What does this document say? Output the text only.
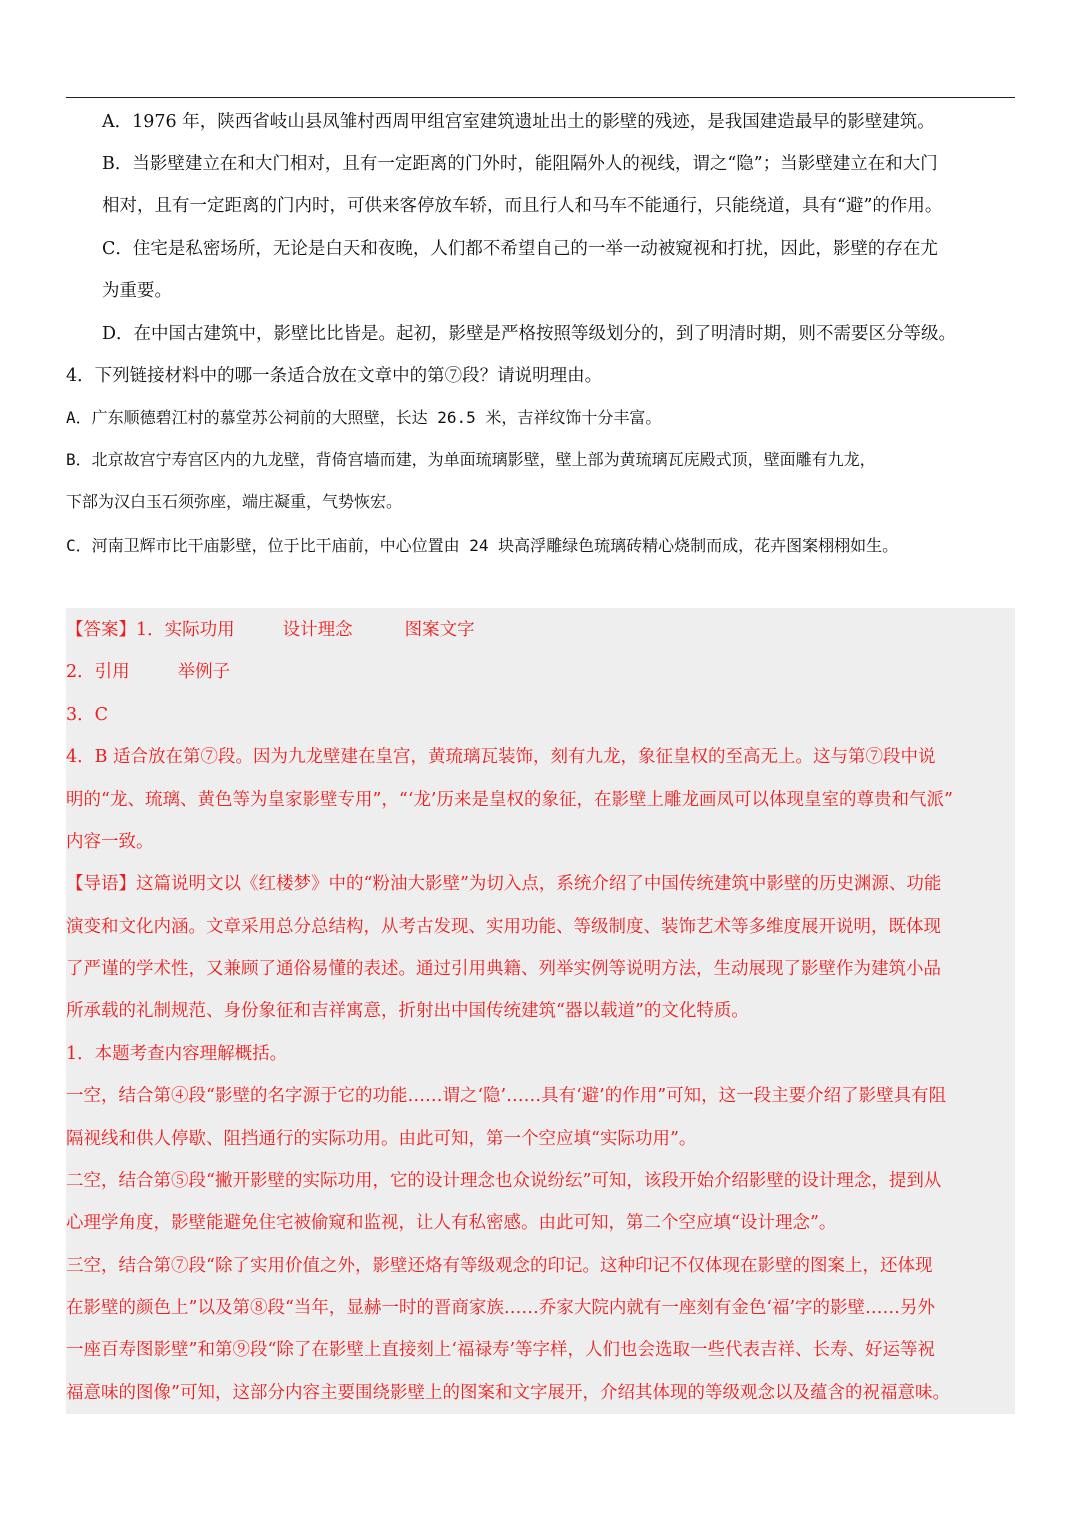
A．1976 年，陕西省岐山县凤雏村西周甲组宫室建筑遗址出土的影壁的残迹，是我国建造最早的影壁建筑。

B．当影壁建立在和大门相对，且有一定距离的门外时，能阻隔外人的视线，谓之“隐”；当影壁建立在和大门

相对，且有一定距离的门内时，可供来客停放车轿，而且行人和马车不能通行，只能绕道，具有“避”的作用。

C．住宅是私密场所，无论是白天和夜晚，人们都不希望自己的一举一动被窥视和打扰，因此，影壁的存在尤

为重要。

D．在中国古建筑中，影壁比比皆是。起初，影壁是严格按照等级划分的，到了明清时期，则不需要区分等级。

4．下列链接材料中的哪一条适合放在文章中的第⑦段？请说明理由。

A．广东顺德碧江村的慕堂苏公祠前的大照壁，长达 26.5 米，吉祥纹饰十分丰富。

B．北京故宫宁寿宫区内的九龙壁，背倚宫墙而建，为单面琉璃影壁，壁上部为黄琉璃瓦庑殿式顶，壁面雕有九龙，

下部为汉白玉石须弥座，端庄凝重，气势恢宏。

C．河南卫辉市比干庙影壁，位于比干庙前，中心位置由 24 块高浮雕绿色琉璃砖精心烧制而成，花卉图案栩栩如生。

【答案】1．实际功用	设计理念	图案文字

2．引用	举例子

3．C

4．B 适合放在第⑦段。因为九龙壁建在皇宫，黄琉璃瓦装饰，刻有九龙，象征皇权的至高无上。这与第⑦段中说

明的“龙、琉璃、黄色等为皇家影壁专用”，“‘龙’历来是皇权的象征，在影壁上雕龙画凤可以体现皇室的尊贵和气派”

内容一致。

【导语】这篇说明文以《红楼梦》中的“粉油大影壁”为切入点，系统介绍了中国传统建筑中影壁的历史渊源、功能

演变和文化内涵。文章采用总分总结构，从考古发现、实用功能、等级制度、装饰艺术等多维度展开说明，既体现

了严谨的学术性，又兼顾了通俗易懂的表述。通过引用典籍、列举实例等说明方法，生动展现了影壁作为建筑小品

所承载的礼制规范、身份象征和吉祥寓意，折射出中国传统建筑“器以载道”的文化特质。

1．本题考查内容理解概括。

一空，结合第④段“影壁的名字源于它的功能……谓之‘隐’……具有‘避’的作用”可知，这一段主要介绍了影壁具有阻

隔视线和供人停歇、阻挡通行的实际功用。由此可知，第一个空应填“实际功用”。

二空，结合第⑤段“撇开影壁的实际功用，它的设计理念也众说纷纭”可知，该段开始介绍影壁的设计理念，提到从

心理学角度，影壁能避免住宅被偷窥和监视，让人有私密感。由此可知，第二个空应填“设计理念”。

三空，结合第⑦段“除了实用价值之外，影壁还烙有等级观念的印记。这种印记不仅体现在影壁的图案上，还体现

在影壁的颜色上”以及第⑧段“当年，显赫一时的晋商家族……乔家大院内就有一座刻有金色‘福’字的影壁……另外

一座百寿图影壁”和第⑨段“除了在影壁上直接刻上‘福禄寿’等字样，人们也会选取一些代表吉祥、长寿、好运等祝

福意味的图像”可知，这部分内容主要围绕影壁上的图案和文字展开，介绍其体现的等级观念以及蕴含的祝福意味。
